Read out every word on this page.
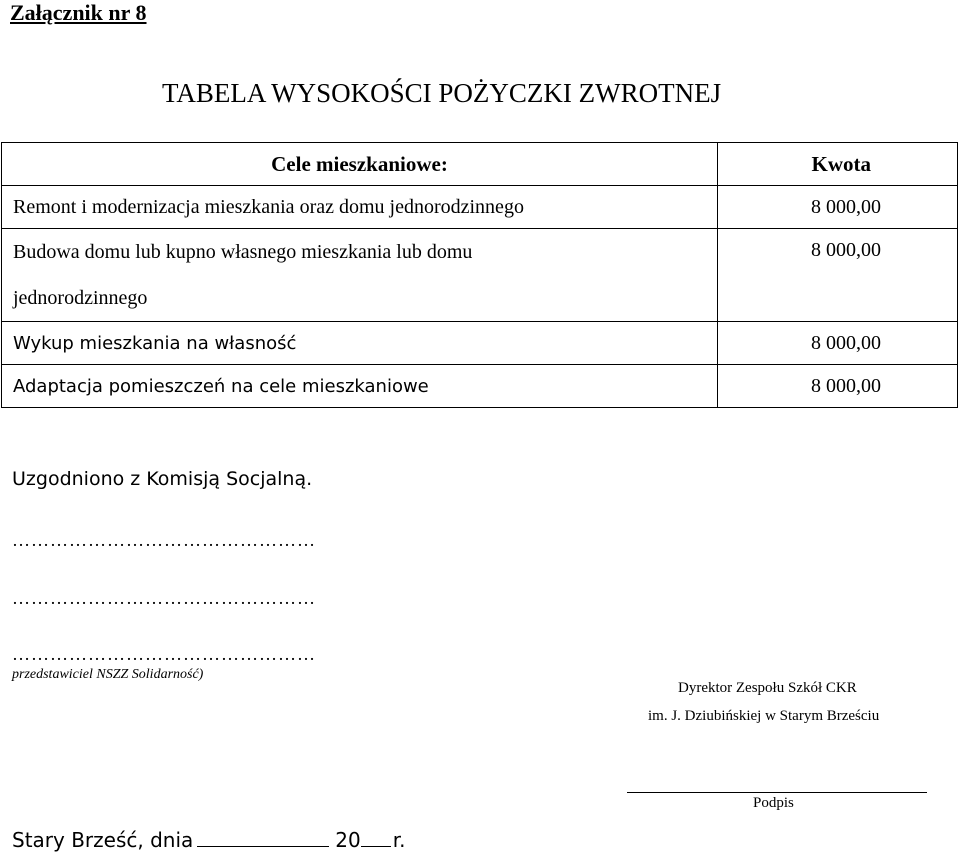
Załącznik nr 8
TABELA WYSOKOŚCI POŻYCZKI ZWROTNEJ
Cele mieszkaniowe:	Kwota
Remont i modernizacja mieszkania oraz domu jednorodzinnego	8 000,00

Budowa domu lub kupno własnego mieszkania lub domu
jednorodzinnego	8 000,00
Wykup mieszkania na własność	8 000,00
Adaptacja pomieszczeń na cele mieszkaniowe	8 000,00
Uzgodniono z Komisją Socjalną.
…………………………………………
…………………………………………
…………………………………………
przedstawiciel NSZZ Solidarność)
Dyrektor Zespołu Szkół CKR
im. J. Dziubińskiej w Starym Brześciu
Podpis
Stary Brześć, dnia	20 r.
